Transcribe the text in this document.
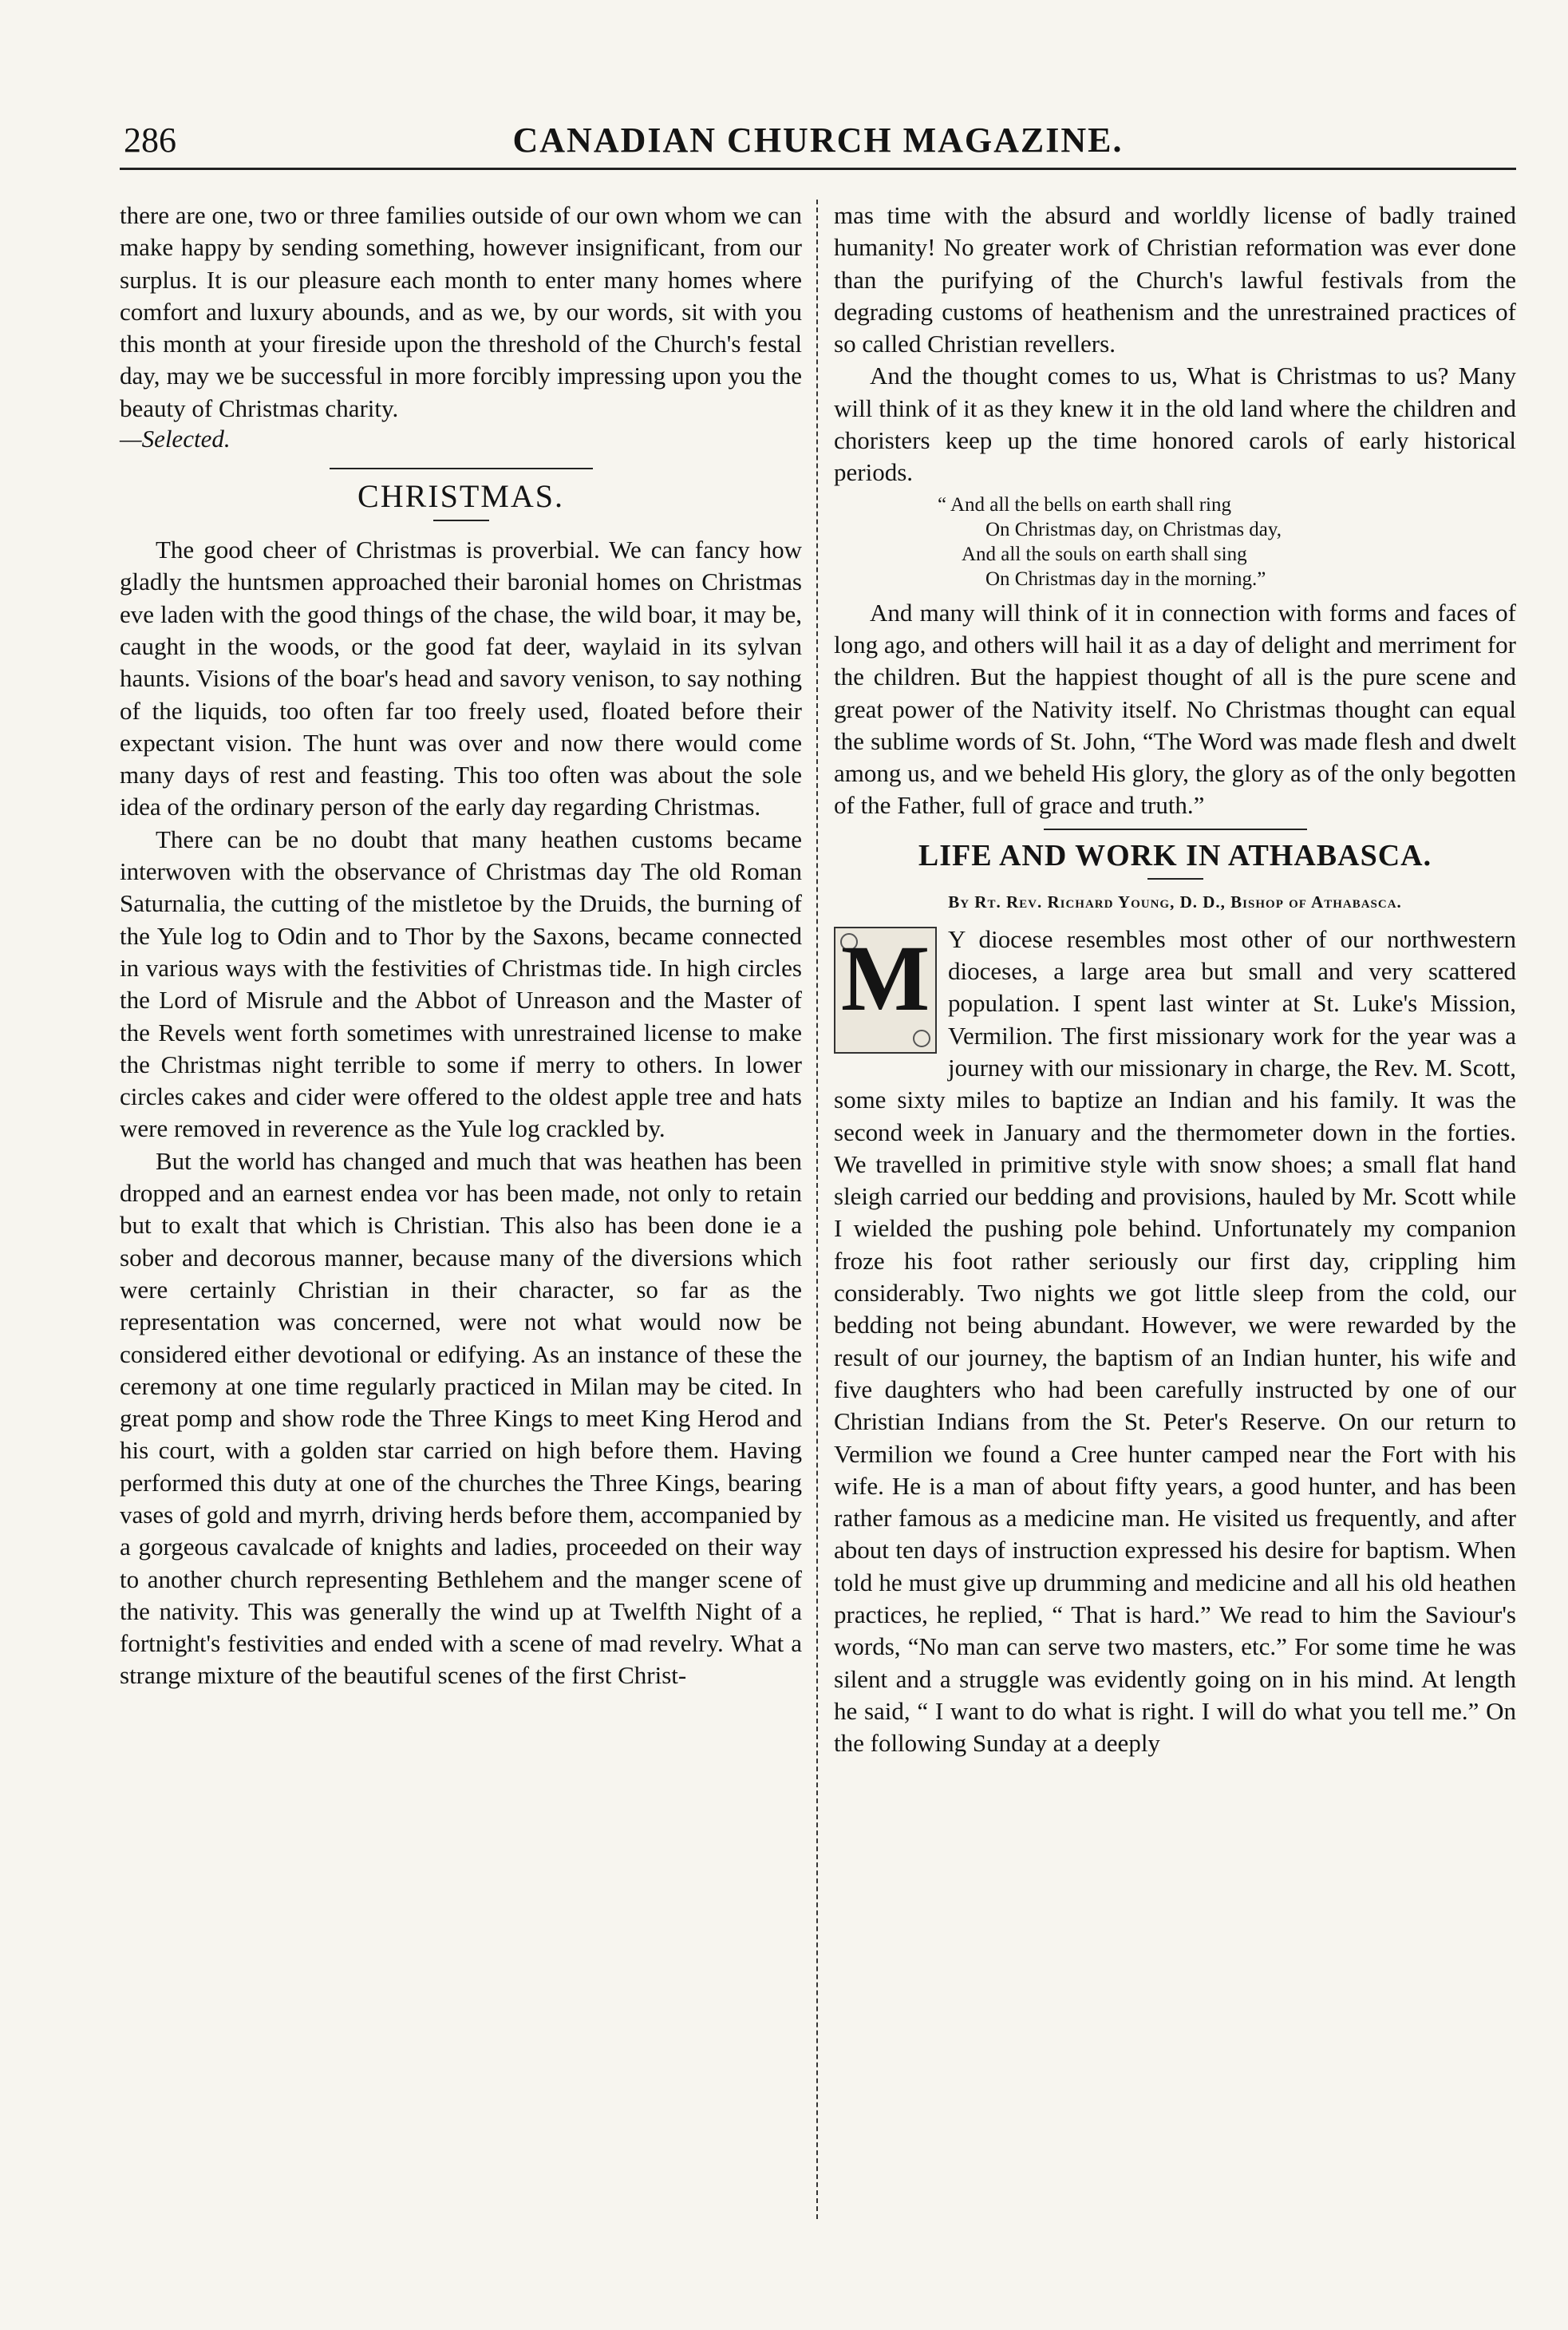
286	CANADIAN CHURCH MAGAZINE.

there are one, two or three families outside of our own whom we can make happy by sending something, however insignificant, from our surplus. It is our pleasure each month to enter many homes where comfort and luxury abounds, and as we, by our words, sit with you this month at your fireside upon the threshold of the Church's festal day, may we be successful in more forcibly impressing upon you the beauty of Christmas charity.

—Selected.
CHRISTMAS.

The good cheer of Christmas is proverbial. We can fancy how gladly the huntsmen approached their baronial homes on Christmas eve laden with the good things of the chase, the wild boar, it may be, caught in the woods, or the good fat deer, waylaid in its sylvan haunts. Visions of the boar's head and savory venison, to say nothing of the liquids, too often far too freely used, floated before their expectant vision. The hunt was over and now there would come many days of rest and feasting. This too often was about the sole idea of the ordinary person of the early day regarding Christmas.

There can be no doubt that many heathen customs became interwoven with the observance of Christmas day The old Roman Saturnalia, the cutting of the mistletoe by the Druids, the burning of the Yule log to Odin and to Thor by the Saxons, became connected in various ways with the festivities of Christmas tide. In high circles the Lord of Misrule and the Abbot of Unreason and the Master of the Revels went forth sometimes with unrestrained license to make the Christmas night terrible to some if merry to others. In lower circles cakes and cider were offered to the oldest apple tree and hats were removed in reverence as the Yule log crackled by.

But the world has changed and much that was heathen has been dropped and an earnest endea vor has been made, not only to retain but to exalt that which is Christian. This also has been done ie a sober and decorous manner, because many of the diversions which were certainly Christian in their character, so far as the representation was concerned, were not what would now be considered either devotional or edifying. As an instance of these the ceremony at one time regularly practiced in Milan may be cited. In great pomp and show rode the Three Kings to meet King Herod and his court, with a golden star carried on high before them. Having performed this duty at one of the churches the Three Kings, bearing vases of gold and myrrh, driving herds before them, accompanied by a gorgeous cavalcade of knights and ladies, proceeded on their way to another church representing Bethlehem and the manger scene of the nativity. This was generally the wind up at Twelfth Night of a fortnight's festivities and ended with a scene of mad revelry. What a strange mixture of the beautiful scenes of the first Christ-

mas time with the absurd and worldly license of badly trained humanity! No greater work of Christian reformation was ever done than the purifying of the Church's lawful festivals from the degrading customs of heathenism and the unrestrained practices of so called Christian revellers.

And the thought comes to us, What is Christmas to us? Many will think of it as they knew it in the old land where the children and choristers keep up the time honored carols of early historical periods.

“ And all the bells on earth shall ring
On Christmas day, on Christmas day,
And all the souls on earth shall sing
On Christmas day in the morning.”

And many will think of it in connection with forms and faces of long ago, and others will hail it as a day of delight and merriment for the children. But the happiest thought of all is the pure scene and great power of the Nativity itself. No Christmas thought can equal the sublime words of St. John, “The Word was made flesh and dwelt among us, and we beheld His glory, the glory as of the only begotten of the Father, full of grace and truth.”

LIFE AND WORK IN ATHABASCA.
By Rt. Rev. Richard Young, D. D., Bishop of Athabasca.
M Y diocese resembles most other of our northwestern dioceses, a large area but small and very scattered population. I spent last winter at St. Luke's Mission, Vermilion. The first missionary work for the year was a journey with our missionary in charge, the Rev. M. Scott, some sixty miles to baptize an Indian and his family. It was the second week in January and the thermometer down in the forties. We travelled in primitive style with snow shoes; a small flat hand sleigh carried our bedding and provisions, hauled by Mr. Scott while I wielded the pushing pole behind. Unfortunately my companion froze his foot rather seriously our first day, crippling him considerably. Two nights we got little sleep from the cold, our bedding not being abundant. However, we were rewarded by the result of our journey, the baptism of an Indian hunter, his wife and five daughters who had been carefully instructed by one of our Christian Indians from the St. Peter's Reserve. On our return to Vermilion we found a Cree hunter camped near the Fort with his wife. He is a man of about fifty years, a good hunter, and has been rather famous as a medicine man. He visited us frequently, and after about ten days of instruction expressed his desire for baptism. When told he must give up drumming and medicine and all his old heathen practices, he replied, “ That is hard.” We read to him the Saviour's words, “No man can serve two masters, etc.” For some time he was silent and a struggle was evidently going on in his mind. At length he said, “ I want to do what is right. I will do what you tell me.” On the following Sunday at a deeply
